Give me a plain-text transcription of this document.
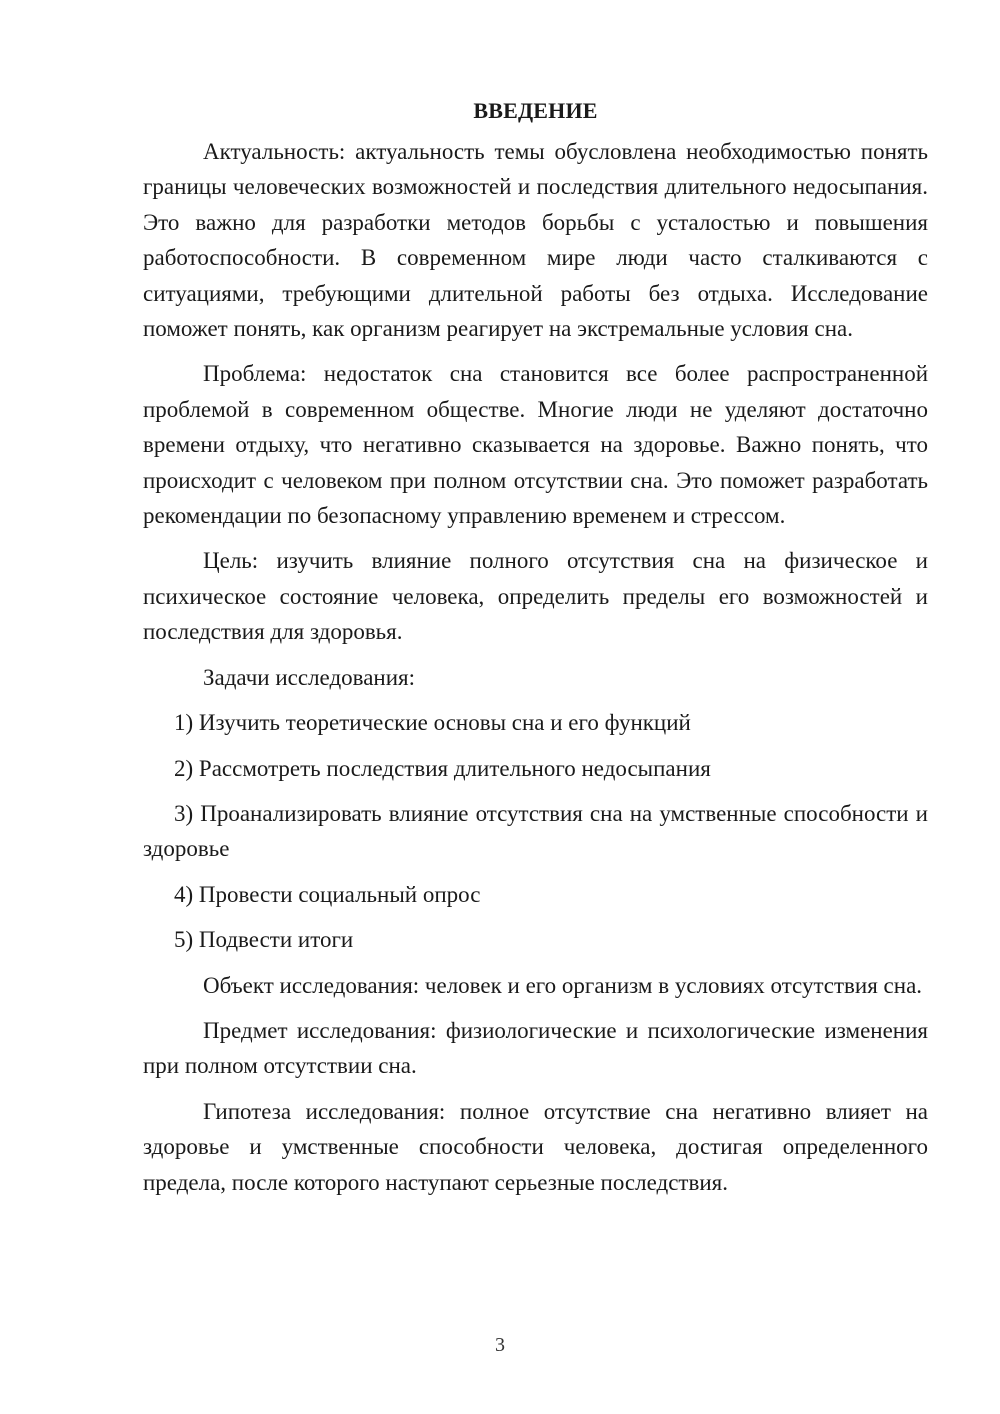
ВВЕДЕНИЕ

Актуальность: актуальность темы обусловлена необходимостью понять границы человеческих возможностей и последствия длительного недосыпания. Это важно для разработки методов борьбы с усталостью и повышения работоспособности. В современном мире люди часто сталкиваются с ситуациями, требующими длительной работы без отдыха. Исследование поможет понять, как организм реагирует на экстремальные условия сна.

Проблема: недостаток сна становится все более распространенной проблемой в современном обществе. Многие люди не уделяют достаточно времени отдыху, что негативно сказывается на здоровье. Важно понять, что происходит с человеком при полном отсутствии сна. Это поможет разработать рекомендации по безопасному управлению временем и стрессом.

Цель: изучить влияние полного отсутствия сна на физическое и психическое состояние человека, определить пределы его возможностей и последствия для здоровья.

Задачи исследования:

1) Изучить теоретические основы сна и его функций

2) Рассмотреть последствия длительного недосыпания

3) Проанализировать влияние отсутствия сна на умственные способности и здоровье

4) Провести социальный опрос

5) Подвести итоги

Объект исследования: человек и его организм в условиях отсутствия сна.

Предмет исследования: физиологические и психологические изменения при полном отсутствии сна.

Гипотеза исследования: полное отсутствие сна негативно влияет на здоровье и умственные способности человека, достигая определенного предела, после которого наступают серьезные последствия.

3
